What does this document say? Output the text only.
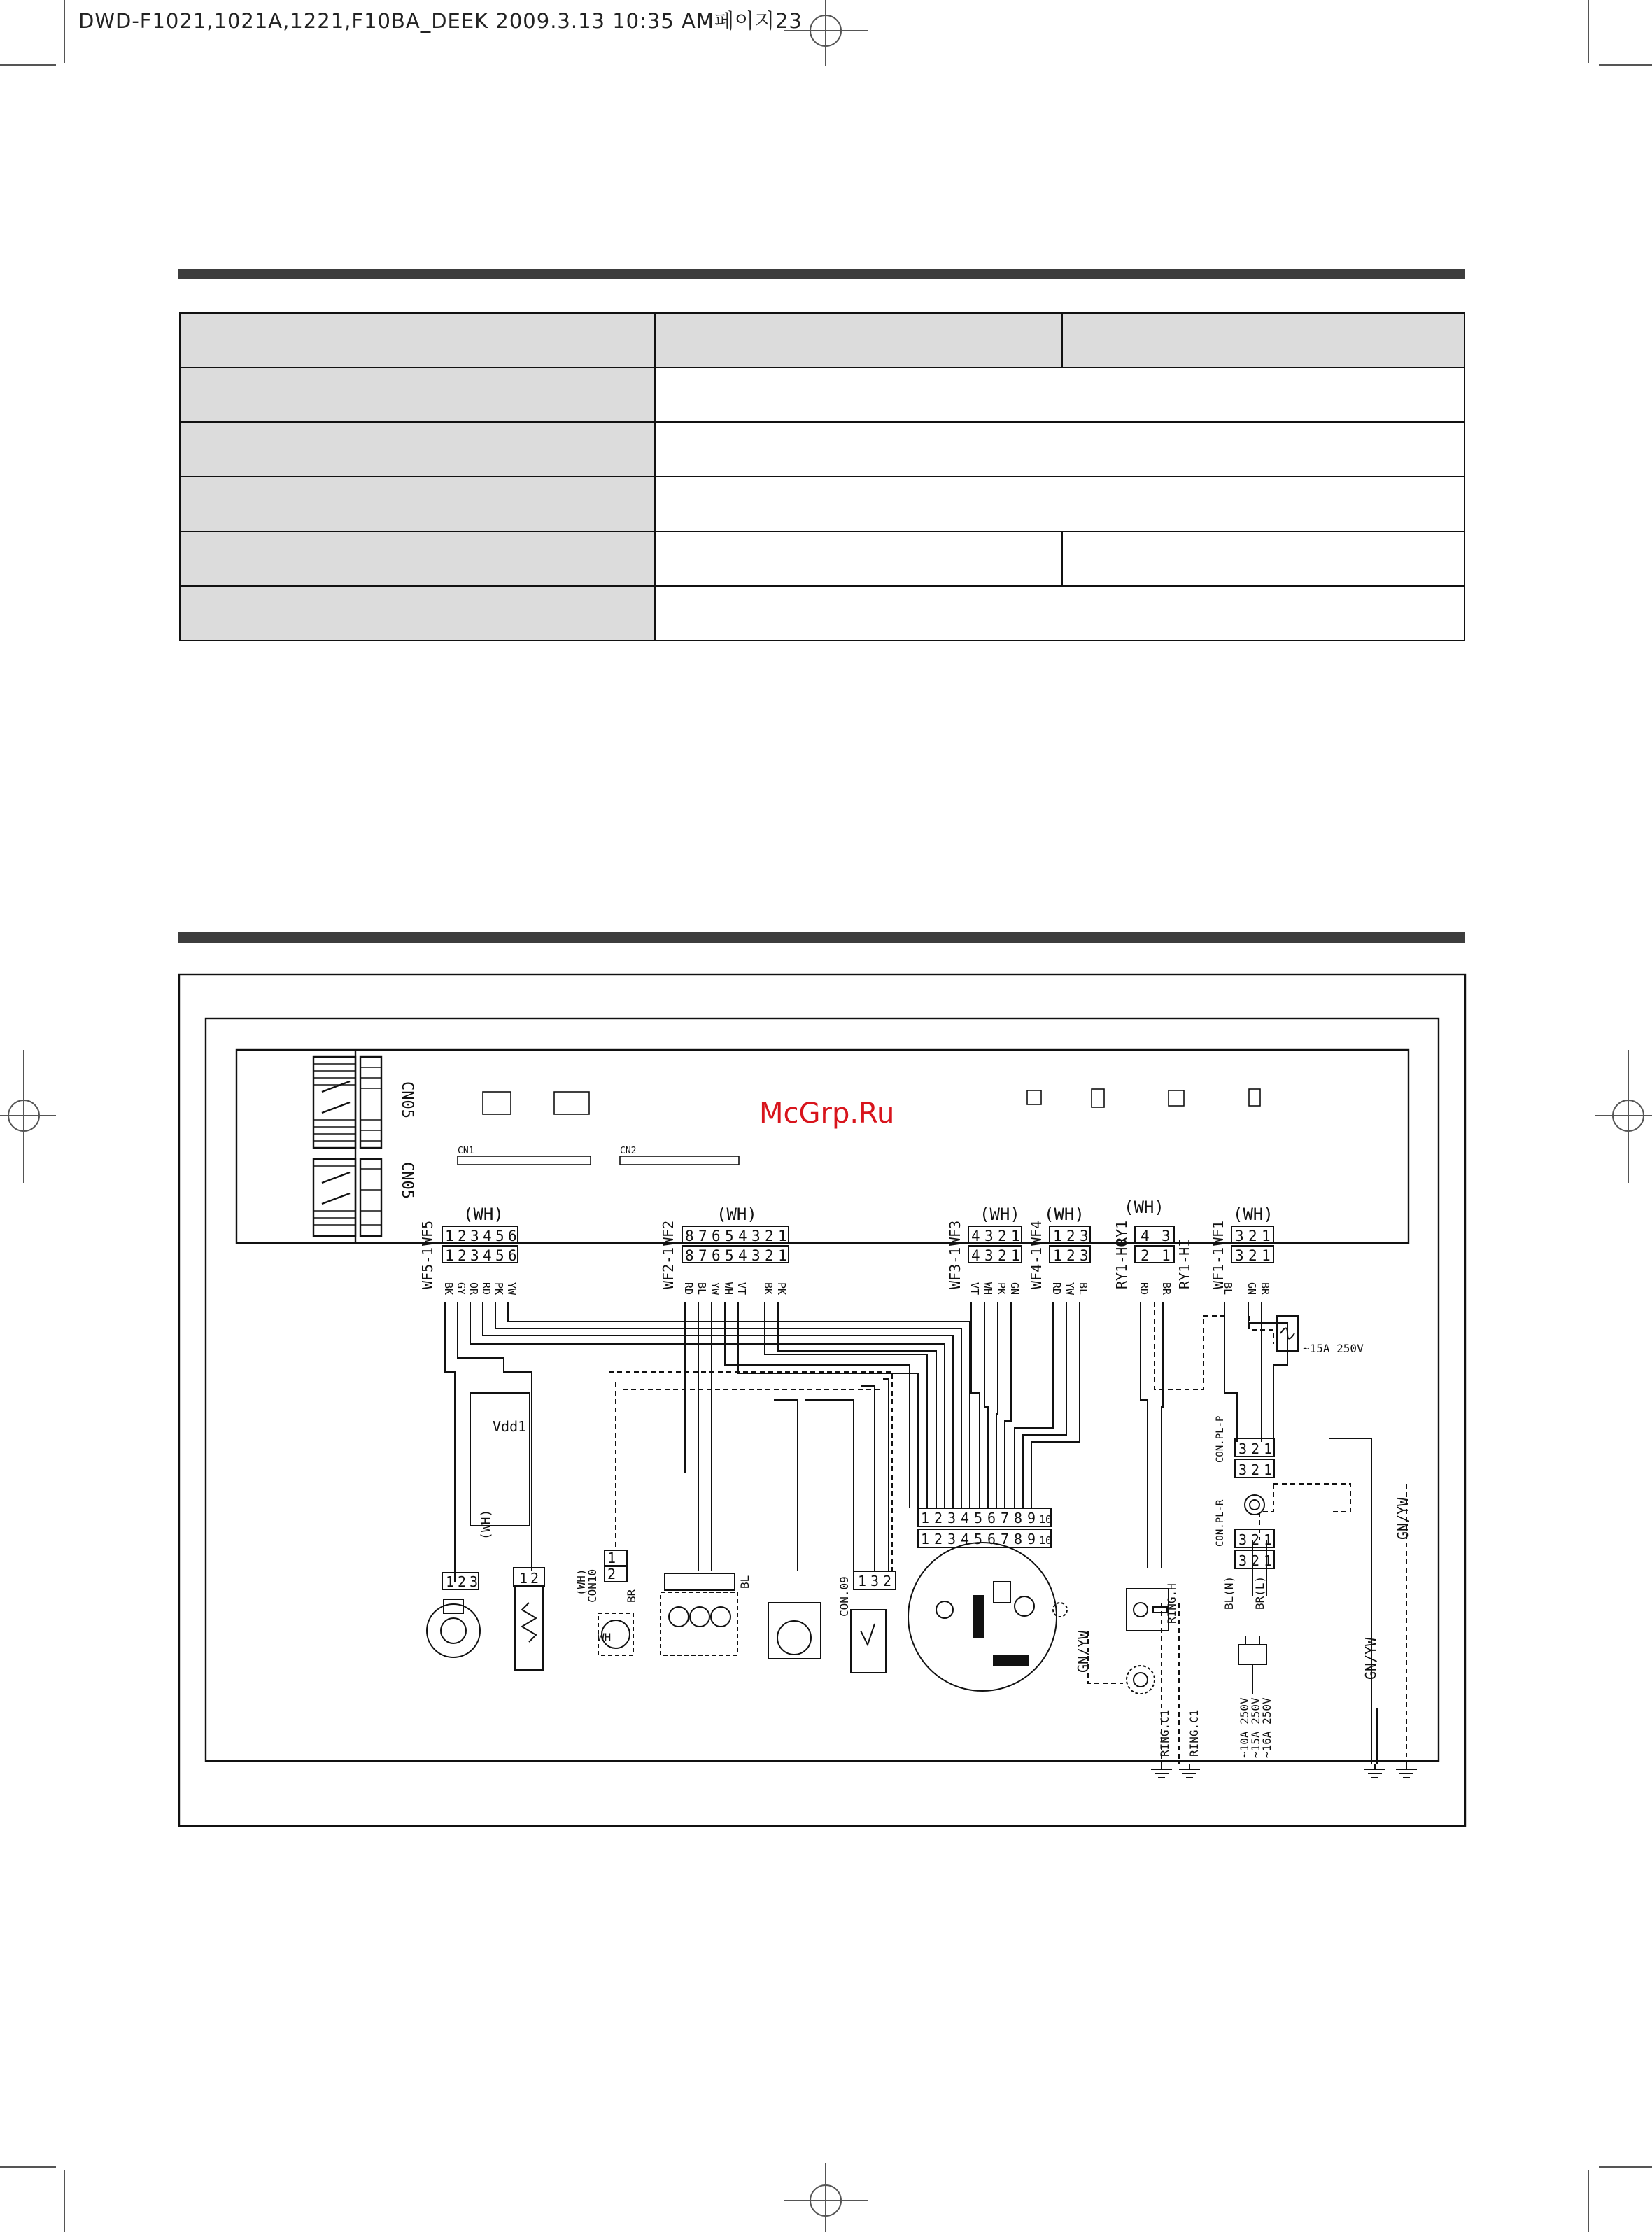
DWD-F1021,1021A,1221,F10BA_DEEK 2009.3.13 10:35 AM페이지23

CN05
CN05
CN1	CN2
(WH)	(WH)	(WH) (WH) (WH)	(WH)
1 2 3 4 5 6
1 2 3 4 5 6
8 7 6 5 4 3 2 1
8 7 6 5 4 3 2 1
4 3 2 1
4 3 2 1
1 2 3
1 2 3
4 3
2 1
3 2 1
3 2 1
WF5
WF5-1
WF2
WF2-1
WF3
WF3-1
WF4
WF4-1
RY1
RY1-HO	RY1-HI
WF1
WF1-1
BK GY OR RD PK YW	RD BL YW WH VT BK PK	VT WH PK GN	RD YW BL	RD BR	BL GN BR
~15A 250V
3 2 1
3 2 1
3 2 1
3 2 1
CON.PL-P
CON.PL-R
1 2 3	1 2
Vdd1
(WH)
1
2	1 3 2
(WH)
CON10	CON.09
BL
WH
BR
1 2 3 4 5 6 7 8 9 10
1 2 3 4 5 6 7 8 9 10
GN/YW
RING.H
RING.C1 RING.C1
BL(N) BR(L)
~10A 250V
~15A 250V
~16A 250V
GN/YW
GN/YW
McGrp.Ru
